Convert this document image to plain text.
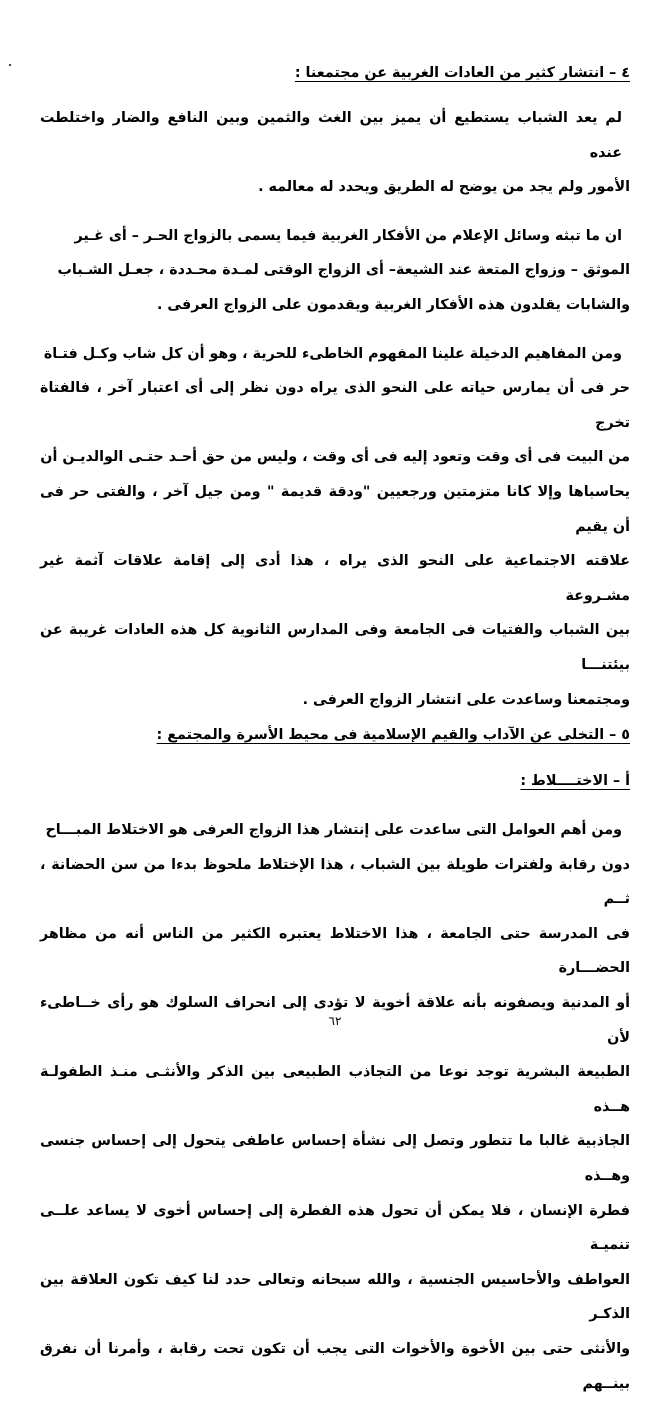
٤ – انتشار كثير من العادات الغربية عن مجتمعنا :

لم يعد الشباب يستطيع أن يميز بين الغث والثمين وبين النافع والضار واختلطت عنده
الأمور ولم يجد من يوضح له الطريق ويحدد له معالمه .

ان ما تبثه وسائل الإعلام من الأفكار الغربية فيما يسمى بالزواج الحـر – أى غـير
الموثق – وزواج المتعة عند الشيعة– أى الزواج الوقتى لمـدة محـددة ، جعـل الشـباب
والشابات يقلدون هذه الأفكار الغربية ويقدمون على الزواج العرفى .

ومن المفاهيم الدخيلة علينا المفهوم الخاطىء للحرية ، وهو أن كل شاب وكـل فتـاة
حر فى أن يمارس حياته على النحو الذى يراه دون نظر إلى أى اعتبار آخر ، فالفتاة تخرج
من البيت فى أى وقت وتعود إليه فى أى وقت ، وليس من حق أحـد حتـى الوالديـن أن
يحاسباها وإلا كانا متزمتين ورجعيين "ودقة قديمة " ومن جيل آخر ، والفتى حر فى أن يقيم
علاقته الاجتماعية على النحو الذى يراه ، هذا أدى إلى إقامة علاقات آثمة غير مشـروعة
بين الشباب والفتيات فى الجامعة وفى المدارس الثانوية كل هذه العادات غريبة عن بيئتنـــا
ومجتمعنا وساعدت على انتشار الزواج العرفى .

٥ – التخلى عن الآداب والقيم الإسلامية فى محيط الأسرة والمجتمع :
أ – الاختــــلاط :

ومن أهم العوامل التى ساعدت على إنتشار هذا الزواج العرفى هو الاختلاط المبـــاح
دون رقابة ولفترات طويلة بين الشباب ، هذا الإختلاط ملحوظ بدءا من سن الحضانة ، ثــم
فى المدرسة حتى الجامعة ، هذا الاختلاط يعتبره الكثير من الناس أنه من مظاهر الحضـــارة
أو المدنية ويصفونه بأنه علاقة أخوية لا تؤدى إلى انحراف السلوك هو رأى خــاطىء لأن
الطبيعة البشرية توجد نوعا من التجاذب الطبيعى بين الذكر والأنثـى منـذ الطفولـة هــذه
الجاذبية غالبا ما تتطور وتصل إلى نشأة إحساس عاطفى يتحول إلى إحساس جنسى وهــذه
فطرة الإنسان ، فلا يمكن أن تحول هذه الفطرة إلى إحساس أخوى لا يساعد علــى تنميـة
العواطف والأحاسيس الجنسية ، والله سبحانه وتعالى حدد لنا كيف تكون العلاقة بين الذكـر
والأنثى حتى بين الأخوة والأخوات التى يجب أن تكون تحت رقابة ، وأمرنا أن نفرق بينــهم

٦٢
